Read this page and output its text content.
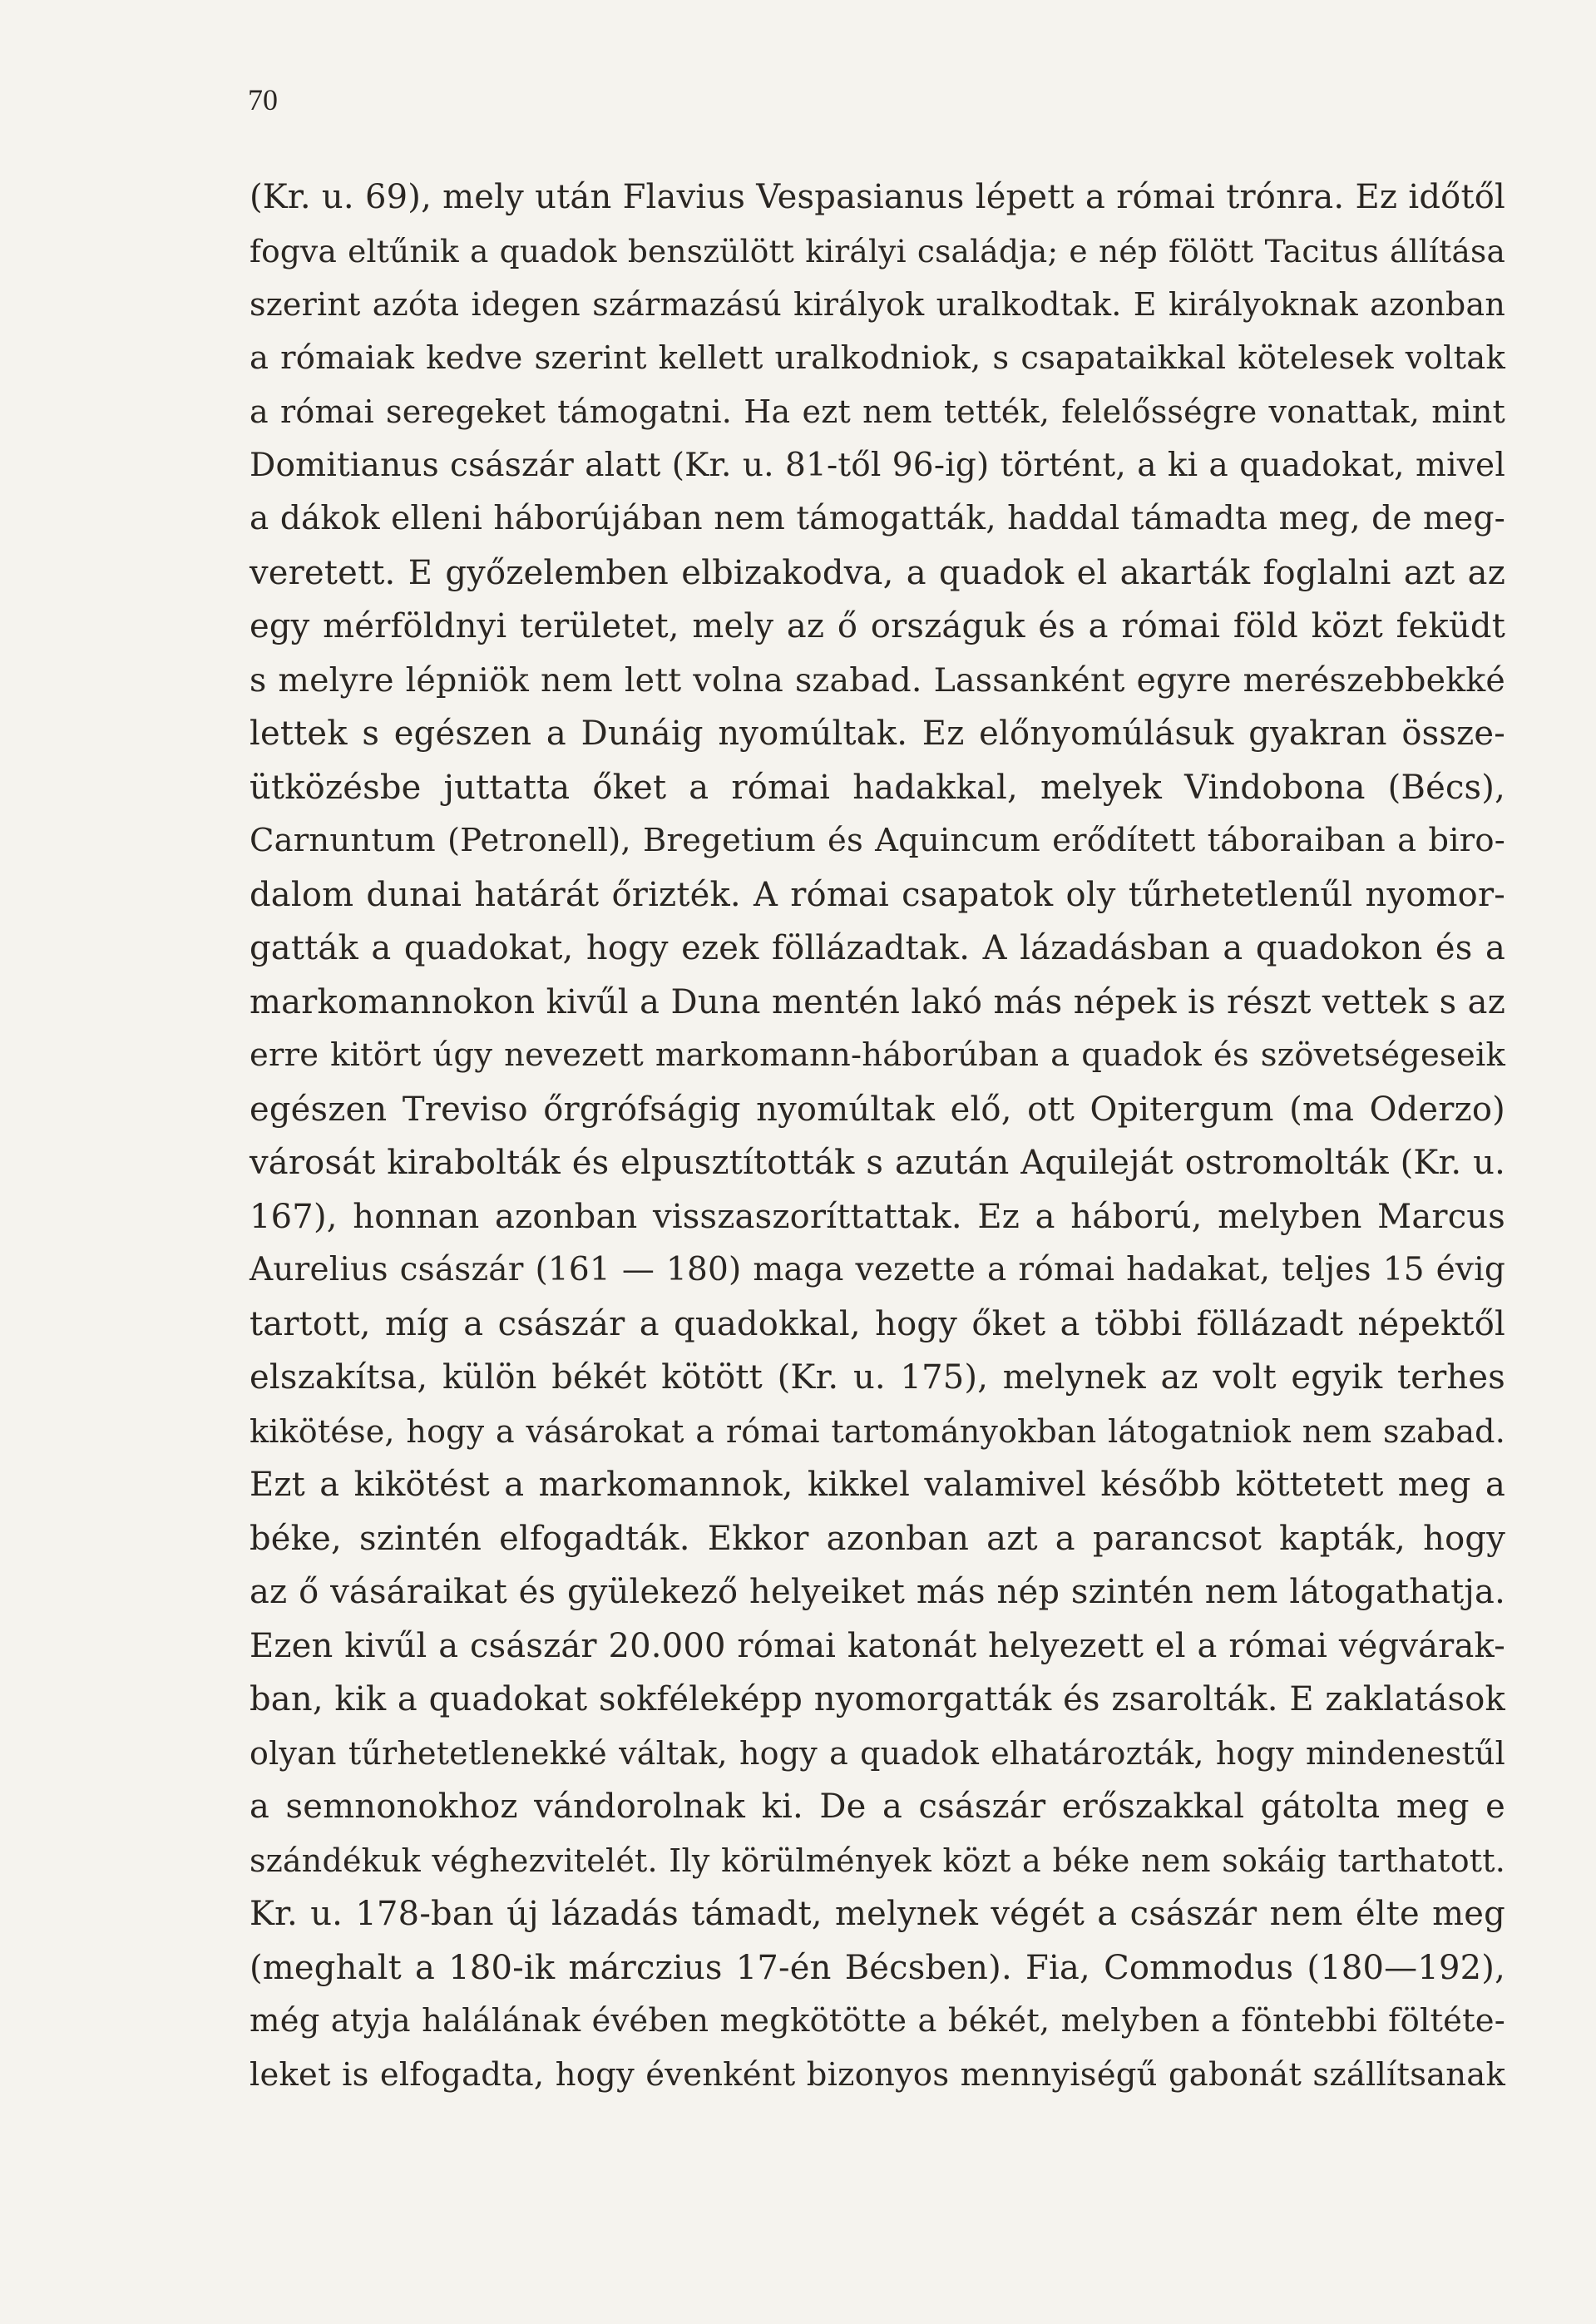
70
(Kr. u. 69), mely után Flavius Vespasianus lépett a római trónra. Ez időtől
fogva eltűnik a quadok benszülött királyi családja; e nép fölött Tacitus állítása
szerint azóta idegen származású királyok uralkodtak. E királyoknak azonban
a rómaiak kedve szerint kellett uralkodniok, s csapataikkal kötelesek voltak
a római seregeket támogatni. Ha ezt nem tették, felelősségre vonattak, mint
Domitianus császár alatt (Kr. u. 81-től 96-ig) történt, a ki a quadokat, mivel
a dákok elleni háborújában nem támogatták, haddal támadta meg, de meg-
veretett. E győzelemben elbizakodva, a quadok el akarták foglalni azt az
egy mérföldnyi területet, mely az ő országuk és a római föld közt feküdt
s melyre lépniök nem lett volna szabad. Lassanként egyre merészebbekké
lettek s egészen a Dunáig nyomúltak. Ez előnyomúlásuk gyakran össze-
ütközésbe juttatta őket a római hadakkal, melyek Vindobona (Bécs),
Carnuntum (Petronell), Bregetium és Aquincum erődített táboraiban a biro-
dalom dunai határát őrizték. A római csapatok oly tűrhetetlenűl nyomor-
gatták a quadokat, hogy ezek föllázadtak. A lázadásban a quadokon és a
markomannokon kivűl a Duna mentén lakó más népek is részt vettek s az
erre kitört úgy nevezett markomann-háborúban a quadok és szövetségeseik
egészen Treviso őrgrófságig nyomúltak elő, ott Opitergum (ma Oderzo)
városát kirabolták és elpusztították s azután Aquileját ostromolták (Kr. u.
167), honnan azonban visszaszoríttattak. Ez a háború, melyben Marcus
Aurelius császár (161 — 180) maga vezette a római hadakat, teljes 15 évig
tartott, míg a császár a quadokkal, hogy őket a többi föllázadt népektől
elszakítsa, külön békét kötött (Kr. u. 175), melynek az volt egyik terhes
kikötése, hogy a vásárokat a római tartományokban látogatniok nem szabad.
Ezt a kikötést a markomannok, kikkel valamivel később köttetett meg a
béke, szintén elfogadták. Ekkor azonban azt a parancsot kapták, hogy
az ő vásáraikat és gyülekező helyeiket más nép szintén nem látogathatja.
Ezen kivűl a császár 20.000 római katonát helyezett el a római végvárak-
ban, kik a quadokat sokféleképp nyomorgatták és zsarolták. E zaklatások
olyan tűrhetetlenekké váltak, hogy a quadok elhatározták, hogy mindenestűl
a semnonokhoz vándorolnak ki. De a császár erőszakkal gátolta meg e
szándékuk véghezvitelét. Ily körülmények közt a béke nem sokáig tarthatott.
Kr. u. 178-ban új lázadás támadt, melynek végét a császár nem élte meg
(meghalt a 180-ik márczius 17-én Bécsben). Fia, Commodus (180—192),
még atyja halálának évében megkötötte a békét, melyben a föntebbi föltéte-
leket is elfogadta, hogy évenként bizonyos mennyiségű gabonát szállítsanak
